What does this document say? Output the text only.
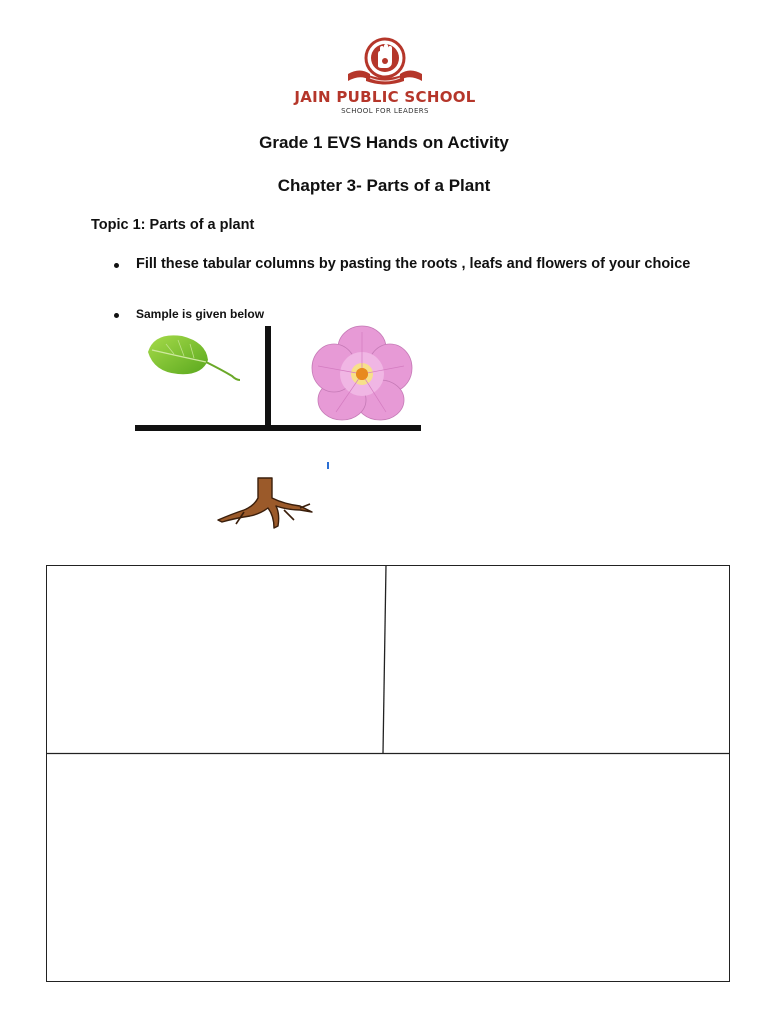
JAIN PUBLIC SCHOOL
SCHOOL FOR LEADERS
Grade 1 EVS Hands on Activity
Chapter 3- Parts of a Plant
Topic 1: Parts of a plant
Fill these tabular columns by pasting the roots , leafs and flowers of your choice
Sample is given below
